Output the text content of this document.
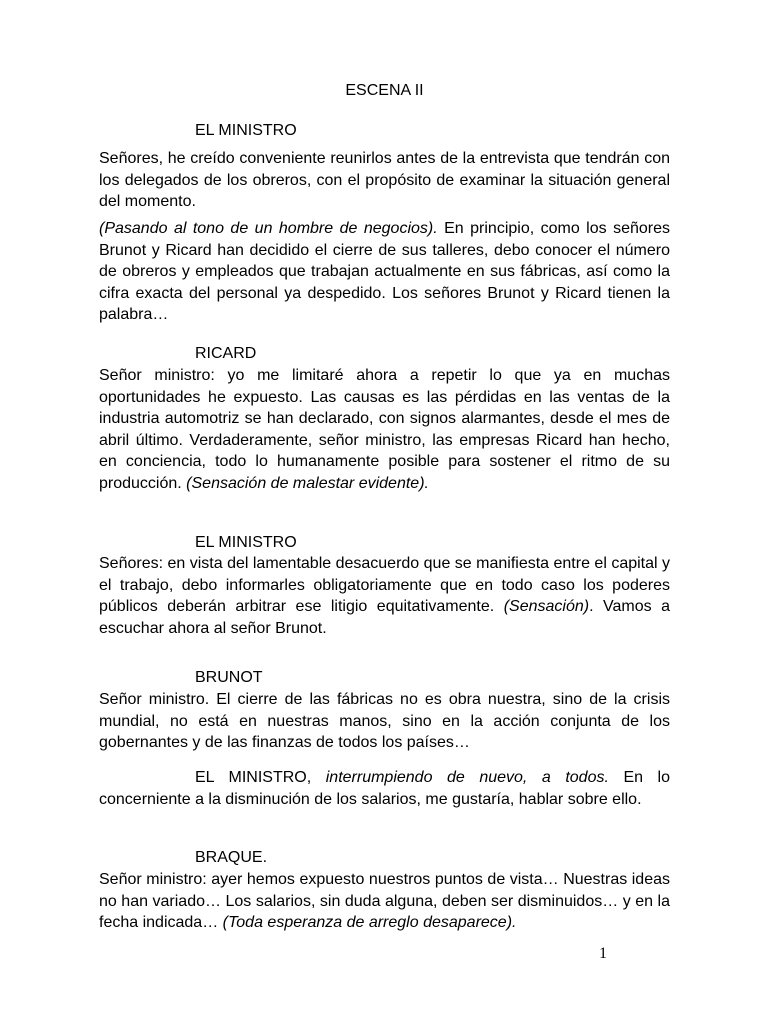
ESCENA II
EL MINISTRO

Señores, he creído conveniente reunirlos antes de la entrevista que tendrán con los delegados de los obreros, con el propósito de examinar la situación general del momento.

(Pasando al tono de un hombre de negocios). En principio, como los señores Brunot y Ricard han decidido el cierre de sus talleres, debo conocer el número de obreros y empleados que trabajan actualmente en sus fábricas, así como la cifra exacta del personal ya despedido. Los señores Brunot y Ricard tienen la palabra…

RICARD

Señor ministro: yo me limitaré ahora a repetir lo que ya en muchas oportunidades he expuesto. Las causas es las pérdidas en las ventas de la industria automotriz se han declarado, con signos alarmantes, desde el mes de abril último. Verdaderamente, señor ministro, las empresas Ricard han hecho, en conciencia, todo lo humanamente posible para sostener el ritmo de su producción. (Sensación de malestar evidente).

EL MINISTRO

Señores: en vista del lamentable desacuerdo que se manifiesta entre el capital y el trabajo, debo informarles obligatoriamente que en todo caso los poderes públicos deberán arbitrar ese litigio equitativamente. (Sensación). Vamos a escuchar ahora al señor Brunot.

BRUNOT

Señor ministro. El cierre de las fábricas no es obra nuestra, sino de la crisis mundial, no está en nuestras manos, sino en la acción conjunta de los gobernantes y de las finanzas de todos los países…

EL MINISTRO, interrumpiendo de nuevo, a todos. En lo concerniente a la disminución de los salarios, me gustaría, hablar sobre ello.

BRAQUE.

Señor ministro: ayer hemos expuesto nuestros puntos de vista… Nuestras ideas no han variado… Los salarios, sin duda alguna, deben ser disminuidos… y en la fecha indicada… (Toda esperanza de arreglo desaparece).

1
